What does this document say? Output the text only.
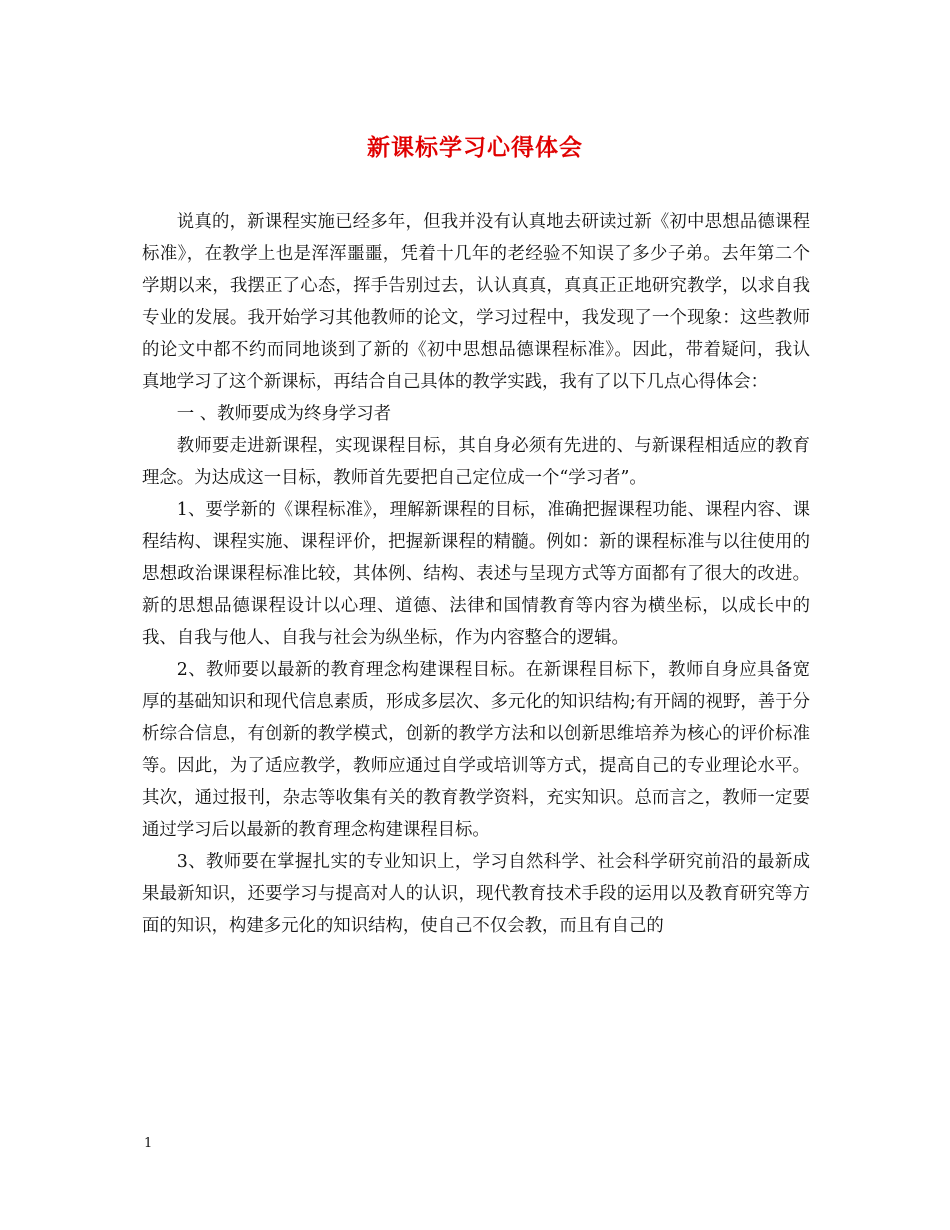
新课标学习心得体会

说真的，新课程实施已经多年，但我并没有认真地去研读过新《初中思想品德课程标准》，在教学上也是浑浑噩噩，凭着十几年的老经验不知误了多少子弟。去年第二个学期以来，我摆正了心态，挥手告别过去，认认真真，真真正正地研究教学，以求自我专业的发展。我开始学习其他教师的论文，学习过程中，我发现了一个现象：这些教师的论文中都不约而同地谈到了新的《初中思想品德课程标准》。因此，带着疑问，我认真地学习了这个新课标，再结合自己具体的教学实践，我有了以下几点心得体会：

一 、教师要成为终身学习者

教师要走进新课程，实现课程目标，其自身必须有先进的、与新课程相适应的教育理念。为达成这一目标，教师首先要把自己定位成一个“学习者”。

1、要学新的《课程标准》，理解新课程的目标，准确把握课程功能、课程内容、课程结构、课程实施、课程评价，把握新课程的精髓。例如：新的课程标准与以往使用的思想政治课课程标准比较，其体例、结构、表述与呈现方式等方面都有了很大的改进。新的思想品德课程设计以心理、道德、法律和国情教育等内容为横坐标，以成长中的我、自我与他人、自我与社会为纵坐标，作为内容整合的逻辑。

2、教师要以最新的教育理念构建课程目标。在新课程目标下，教师自身应具备宽厚的基础知识和现代信息素质，形成多层次、多元化的知识结构;有开阔的视野，善于分析综合信息，有创新的教学模式，创新的教学方法和以创新思维培养为核心的评价标准等。因此，为了适应教学，教师应通过自学或培训等方式，提高自己的专业理论水平。其次，通过报刊，杂志等收集有关的教育教学资料，充实知识。总而言之，教师一定要通过学习后以最新的教育理念构建课程目标。

3、教师要在掌握扎实的专业知识上，学习自然科学、社会科学研究前沿的最新成果最新知识，还要学习与提高对人的认识，现代教育技术手段的运用以及教育研究等方面的知识，构建多元化的知识结构，使自己不仅会教，而且有自己的

1
